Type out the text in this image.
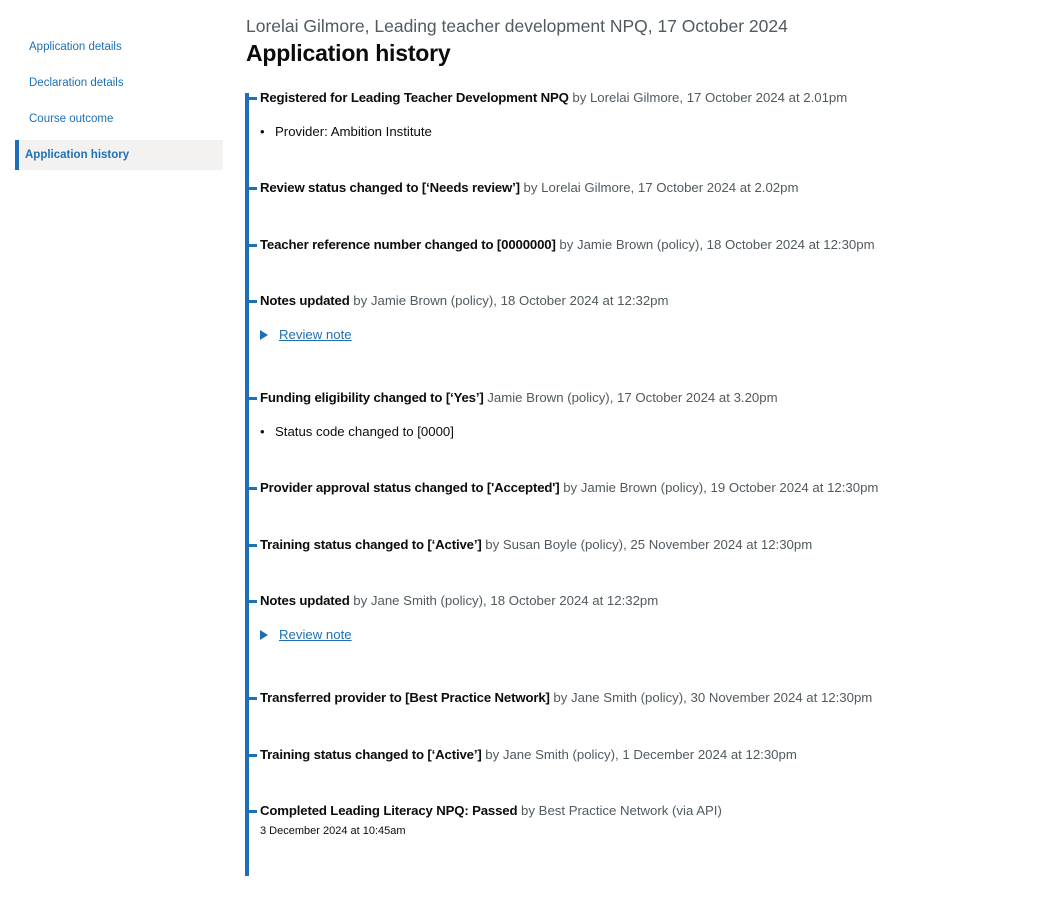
Application details
Declaration details
Course outcome
Application history
Lorelai Gilmore, Leading teacher development NPQ, 17 October 2024
Application history
Registered for Leading Teacher Development NPQ by Lorelai Gilmore, 17 October 2024 at 2.01pm
• Provider: Ambition Institute
Review status changed to [‘Needs review’] by Lorelai Gilmore, 17 October 2024 at 2.02pm
Teacher reference number changed to [0000000] by Jamie Brown (policy), 18 October 2024 at 12:30pm
Notes updated by Jamie Brown (policy), 18 October 2024 at 12:32pm
Review note
Funding eligibility changed to [‘Yes’] Jamie Brown (policy), 17 October 2024 at 3.20pm
• Status code changed to [0000]
Provider approval status changed to ['Accepted'] by Jamie Brown (policy), 19 October 2024 at 12:30pm
Training status changed to [‘Active’] by Susan Boyle (policy), 25 November 2024 at 12:30pm
Notes updated by Jane Smith (policy), 18 October 2024 at 12:32pm
Review note
Transferred provider to [Best Practice Network] by Jane Smith (policy), 30 November 2024 at 12:30pm
Training status changed to [‘Active’] by Jane Smith (policy), 1 December 2024 at 12:30pm
Completed Leading Literacy NPQ: Passed by Best Practice Network (via API)
3 December 2024 at 10:45am
